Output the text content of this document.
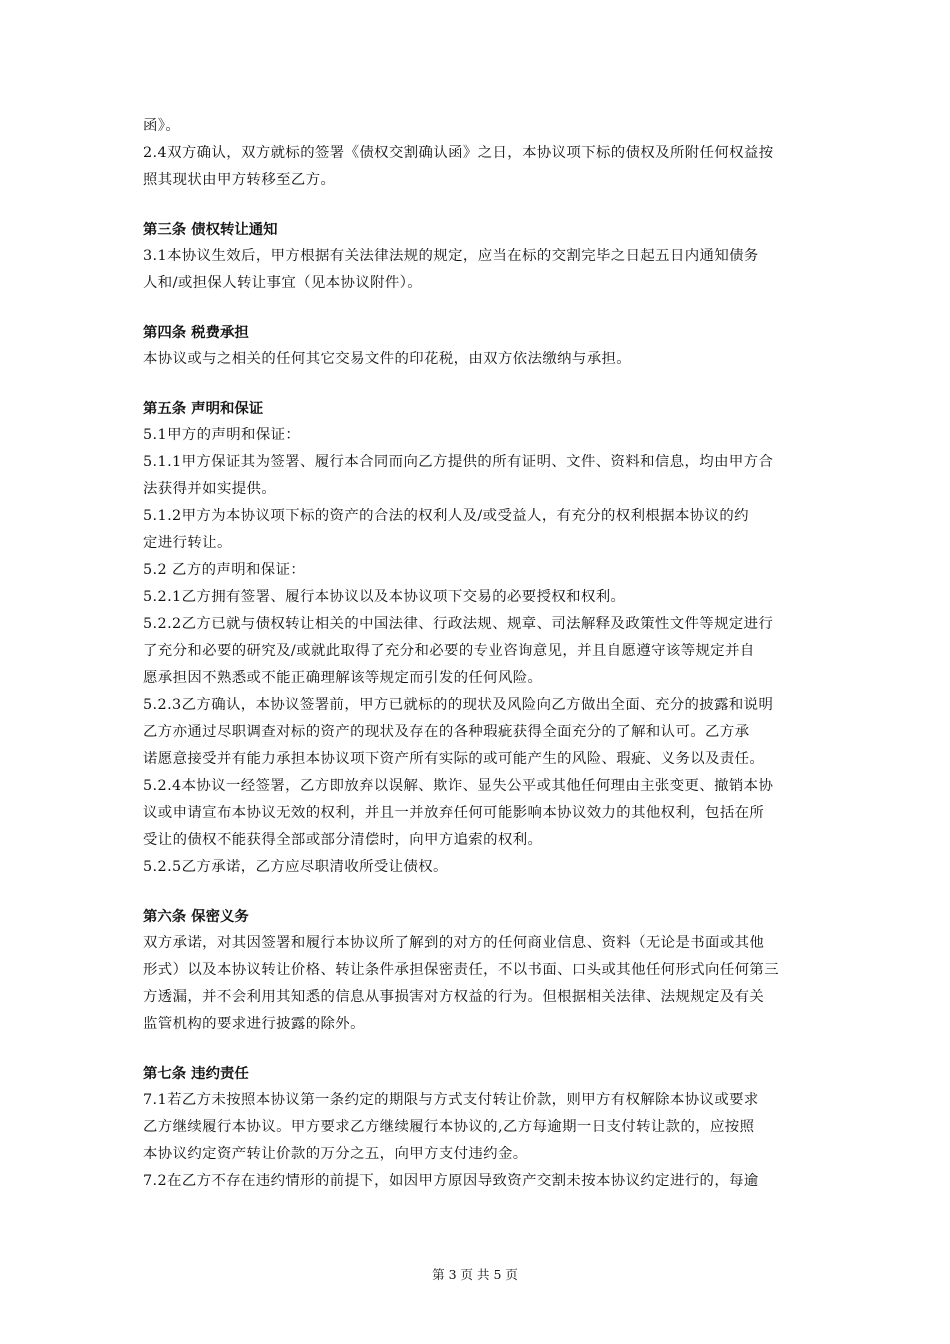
函》。
2.4双方确认，双方就标的签署《债权交割确认函》之日，本协议项下标的债权及所附任何权益按
照其现状由甲方转移至乙方。
第三条 债权转让通知
3.1本协议生效后，甲方根据有关法律法规的规定，应当在标的交割完毕之日起五日内通知债务
人和/或担保人转让事宜（见本协议附件）。
第四条 税费承担
本协议或与之相关的任何其它交易文件的印花税，由双方依法缴纳与承担。
第五条 声明和保证
5.1甲方的声明和保证：
5.1.1甲方保证其为签署、履行本合同而向乙方提供的所有证明、文件、资料和信息，均由甲方合
法获得并如实提供。
5.1.2甲方为本协议项下标的资产的合法的权利人及/或受益人，有充分的权利根据本协议的约
定进行转让。
5.2 乙方的声明和保证：
5.2.1乙方拥有签署、履行本协议以及本协议项下交易的必要授权和权利。
5.2.2乙方已就与债权转让相关的中国法律、行政法规、规章、司法解释及政策性文件等规定进行
了充分和必要的研究及/或就此取得了充分和必要的专业咨询意见，并且自愿遵守该等规定并自
愿承担因不熟悉或不能正确理解该等规定而引发的任何风险。
5.2.3乙方确认，本协议签署前，甲方已就标的的现状及风险向乙方做出全面、充分的披露和说明
乙方亦通过尽职调查对标的资产的现状及存在的各种瑕疵获得全面充分的了解和认可。乙方承
诺愿意接受并有能力承担本协议项下资产所有实际的或可能产生的风险、瑕疵、义务以及责任。
5.2.4本协议一经签署，乙方即放弃以误解、欺诈、显失公平或其他任何理由主张变更、撤销本协
议或申请宣布本协议无效的权利，并且一并放弃任何可能影响本协议效力的其他权利，包括在所
受让的债权不能获得全部或部分清偿时，向甲方追索的权利。
5.2.5乙方承诺，乙方应尽职清收所受让债权。
第六条 保密义务
双方承诺，对其因签署和履行本协议所了解到的对方的任何商业信息、资料（无论是书面或其他
形式）以及本协议转让价格、转让条件承担保密责任，不以书面、口头或其他任何形式向任何第三
方透漏，并不会利用其知悉的信息从事损害对方权益的行为。但根据相关法律、法规规定及有关
监管机构的要求进行披露的除外。
第七条 违约责任
7.1若乙方未按照本协议第一条约定的期限与方式支付转让价款，则甲方有权解除本协议或要求
乙方继续履行本协议。甲方要求乙方继续履行本协议的,乙方每逾期一日支付转让款的，应按照
本协议约定资产转让价款的万分之五，向甲方支付违约金。
7.2在乙方不存在违约情形的前提下，如因甲方原因导致资产交割未按本协议约定进行的，每逾
第 3 页 共 5 页
